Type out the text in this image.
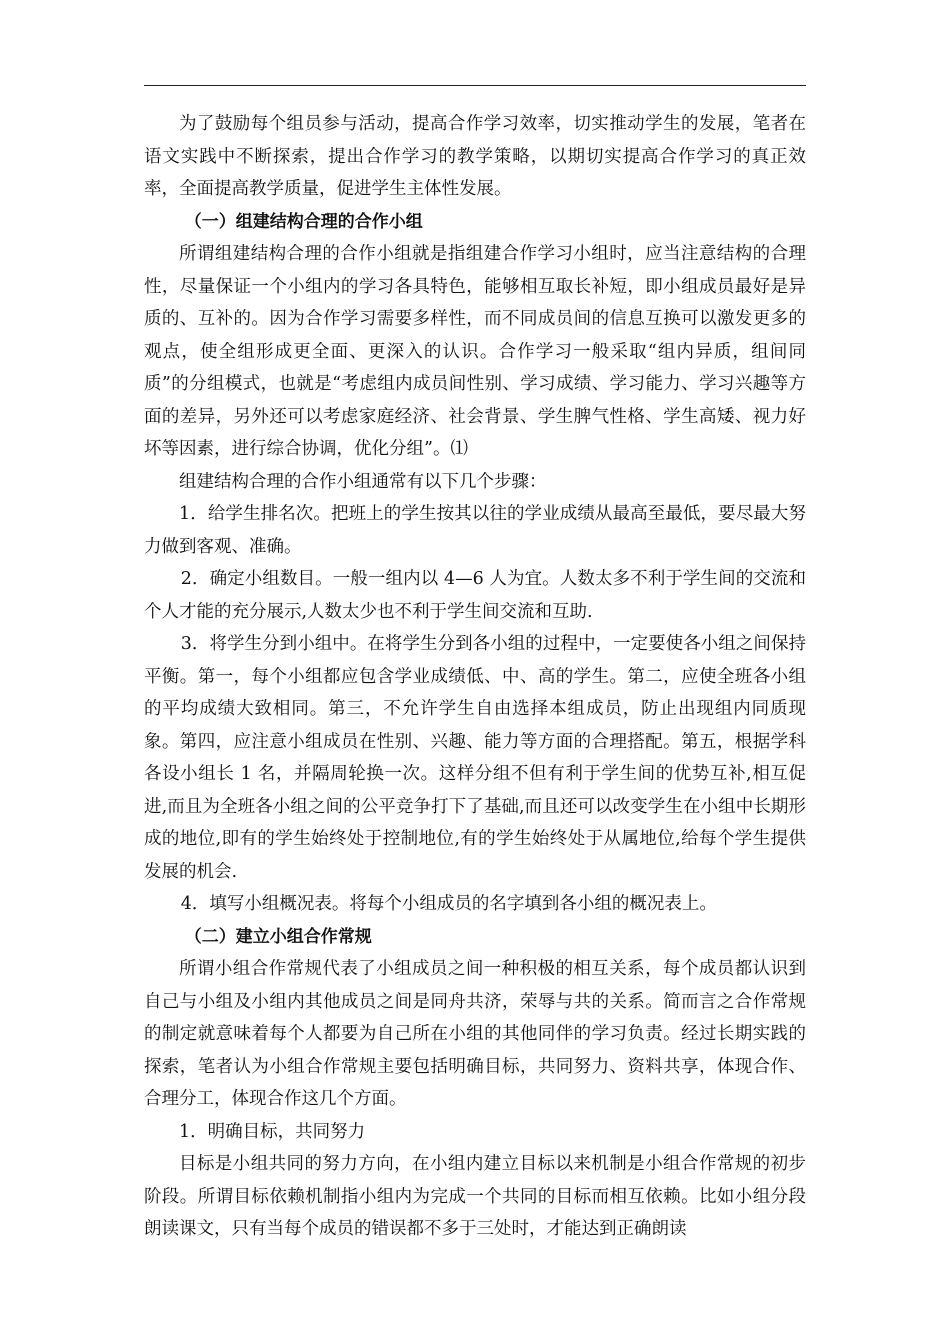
为了鼓励每个组员参与活动，提高合作学习效率，切实推动学生的发展，笔者在语文实践中不断探索，提出合作学习的教学策略，以期切实提高合作学习的真正效率，全面提高教学质量，促进学生主体性发展。

（一）组建结构合理的合作小组

所谓组建结构合理的合作小组就是指组建合作学习小组时，应当注意结构的合理性，尽量保证一个小组内的学习各具特色，能够相互取长补短，即小组成员最好是异质的、互补的。因为合作学习需要多样性，而不同成员间的信息互换可以激发更多的观点，使全组形成更全面、更深入的认识。合作学习一般采取“组内异质，组间同质”的分组模式，也就是“考虑组内成员间性别、学习成绩、学习能力、学习兴趣等方面的差异，另外还可以考虑家庭经济、社会背景、学生脾气性格、学生高矮、视力好坏等因素，进行综合协调，优化分组”。⑴

组建结构合理的合作小组通常有以下几个步骤：

1．给学生排名次。把班上的学生按其以往的学业成绩从最高至最低，要尽最大努力做到客观、准确。

2．确定小组数目。一般一组内以 4—6 人为宜。人数太多不利于学生间的交流和个人才能的充分展示,人数太少也不利于学生间交流和互助.

3．将学生分到小组中。在将学生分到各小组的过程中，一定要使各小组之间保持平衡。第一，每个小组都应包含学业成绩低、中、高的学生。第二，应使全班各小组的平均成绩大致相同。第三，不允许学生自由选择本组成员，防止出现组内同质现象。第四，应注意小组成员在性别、兴趣、能力等方面的合理搭配。第五，根据学科各设小组长 1 名，并隔周轮换一次。这样分组不但有利于学生间的优势互补,相互促进,而且为全班各小组之间的公平竞争打下了基础,而且还可以改变学生在小组中长期形成的地位,即有的学生始终处于控制地位,有的学生始终处于从属地位,给每个学生提供发展的机会.

4．填写小组概况表。将每个小组成员的名字填到各小组的概况表上。

（二）建立小组合作常规

所谓小组合作常规代表了小组成员之间一种积极的相互关系，每个成员都认识到自己与小组及小组内其他成员之间是同舟共济，荣辱与共的关系。简而言之合作常规的制定就意味着每个人都要为自己所在小组的其他同伴的学习负责。经过长期实践的探索，笔者认为小组合作常规主要包括明确目标，共同努力、资料共享，体现合作、合理分工，体现合作这几个方面。

1．明确目标，共同努力

目标是小组共同的努力方向，在小组内建立目标以来机制是小组合作常规的初步阶段。所谓目标依赖机制指小组内为完成一个共同的目标而相互依赖。比如小组分段朗读课文，只有当每个成员的错误都不多于三处时，才能达到正确朗读
